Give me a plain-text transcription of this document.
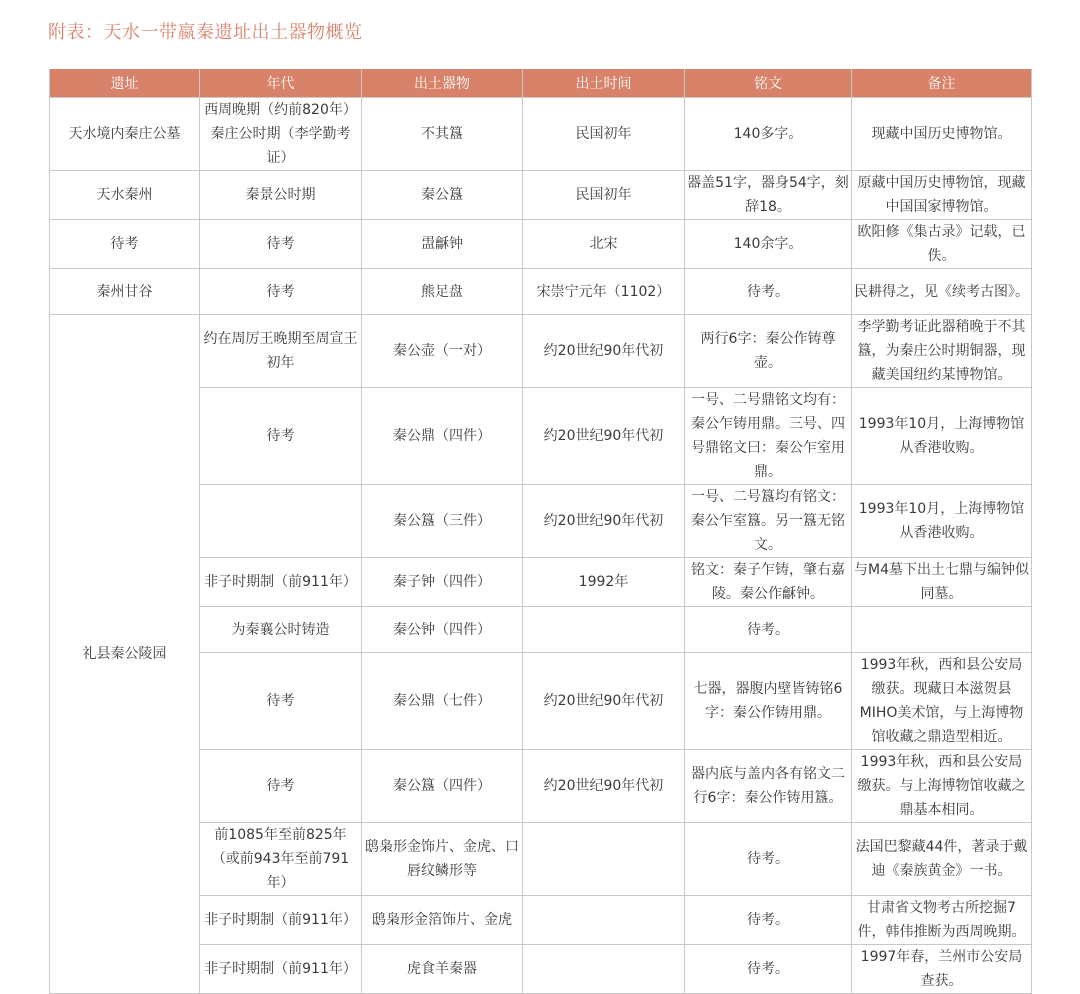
附表：天水一带嬴秦遗址出土器物概览
遗址	年代	出土器物	出土时间	铭文	备注
天水境内秦庄公墓	西周晚期（约前820年）秦庄公时期（李学勤考证）	不其簋	民国初年	140多字。	现藏中国历史博物馆。
天水秦州	秦景公时期	秦公簋	民国初年	器盖51字，器身54字，刻辞18。	原藏中国历史博物馆，现藏中国国家博物馆。
待考	待考	盄龢钟	北宋	140余字。	欧阳修《集古录》记载，已佚。
秦州甘谷	待考	熊足盘	宋崇宁元年（1102）	待考。	民耕得之，见《续考古图》。
礼县秦公陵园	约在周厉王晚期至周宣王初年	秦公壶（一对）	约20世纪90年代初	两行6字：秦公作铸尊壶。	李学勤考证此器稍晚于不其簋，为秦庄公时期铜器，现藏美国纽约某博物馆。
	待考	秦公鼎（四件）	约20世纪90年代初	一号、二号鼎铭文均有：秦公乍铸用鼎。三号、四号鼎铭文曰：秦公乍室用鼎。	1993年10月，上海博物馆从香港收购。
		秦公簋（三件）	约20世纪90年代初	一号、二号簋均有铭文：秦公乍室簋。另一簋无铭文。	1993年10月，上海博物馆从香港收购。
	非子时期制（前911年）	秦子钟（四件）	1992年	铭文：秦子乍铸，肇右嘉陵。秦公作龢钟。	与M4墓下出土七鼎与编钟似同墓。
	为秦襄公时铸造	秦公钟（四件）		待考。	
	待考	秦公鼎（七件）	约20世纪90年代初	七器，器腹内壁皆铸铭6字：秦公作铸用鼎。	1993年秋，西和县公安局缴获。现藏日本滋贺县MIHO美术馆，与上海博物馆收藏之鼎造型相近。
	待考	秦公簋（四件）	约20世纪90年代初	器内底与盖内各有铭文二行6字：秦公作铸用簋。	1993年秋，西和县公安局缴获。与上海博物馆收藏之鼎基本相同。
	前1085年至前825年（或前943年至前791年）	鸱枭形金饰片、金虎、口唇纹鳞形等		待考。	法国巴黎藏44件，著录于戴迪《秦族黄金》一书。
	非子时期制（前911年）	鸱枭形金箔饰片、金虎		待考。	甘肃省文物考古所挖掘7件，韩伟推断为西周晚期。
	非子时期制（前911年）	虎食羊秦器		待考。	1997年春，兰州市公安局查获。
